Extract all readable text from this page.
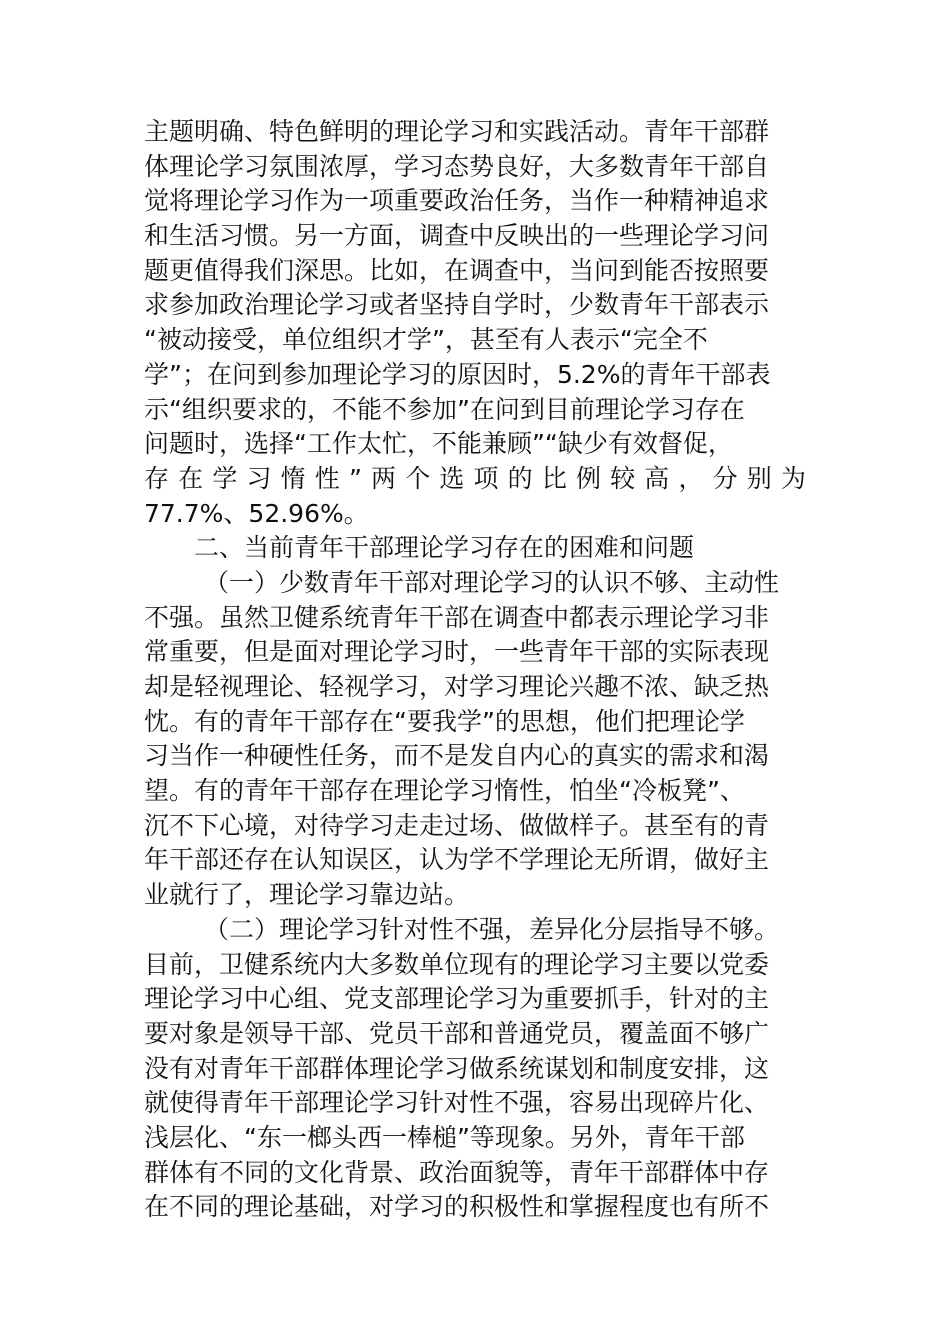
主题明确、特色鲜明的理论学习和实践活动。青年干部群
体理论学习氛围浓厚，学习态势良好，大多数青年干部自
觉将理论学习作为一项重要政治任务，当作一种精神追求
和生活习惯。另一方面，调查中反映出的一些理论学习问
题更值得我们深思。比如，在调查中，当问到能否按照要
求参加政治理论学习或者坚持自学时，少数青年干部表示
“被动接受，单位组织才学”，甚至有人表示“完全不
学”；在问到参加理论学习的原因时，5.2%的青年干部表
示“组织要求的，不能不参加”在问到目前理论学习存在
问题时，选择“工作太忙，不能兼顾”“缺少有效督促，
存 在 学 习 惰 性 ” 两 个 选 项 的 比 例 较 高 ， 分 别 为
77.7%、52.96%。
二、当前青年干部理论学习存在的困难和问题
（一）少数青年干部对理论学习的认识不够、主动性
不强。虽然卫健系统青年干部在调查中都表示理论学习非
常重要，但是面对理论学习时，一些青年干部的实际表现
却是轻视理论、轻视学习，对学习理论兴趣不浓、缺乏热
忱。有的青年干部存在“要我学”的思想，他们把理论学
习当作一种硬性任务，而不是发自内心的真实的需求和渴
望。有的青年干部存在理论学习惰性，怕坐“冷板凳”、
沉不下心境，对待学习走走过场、做做样子。甚至有的青
年干部还存在认知误区，认为学不学理论无所谓，做好主
业就行了，理论学习靠边站。
（二）理论学习针对性不强，差异化分层指导不够。
目前，卫健系统内大多数单位现有的理论学习主要以党委
理论学习中心组、党支部理论学习为重要抓手，针对的主
要对象是领导干部、党员干部和普通党员，覆盖面不够广
没有对青年干部群体理论学习做系统谋划和制度安排，这
就使得青年干部理论学习针对性不强，容易出现碎片化、
浅层化、“东一榔头西一棒槌”等现象。另外，青年干部
群体有不同的文化背景、政治面貌等，青年干部群体中存
在不同的理论基础，对学习的积极性和掌握程度也有所不
